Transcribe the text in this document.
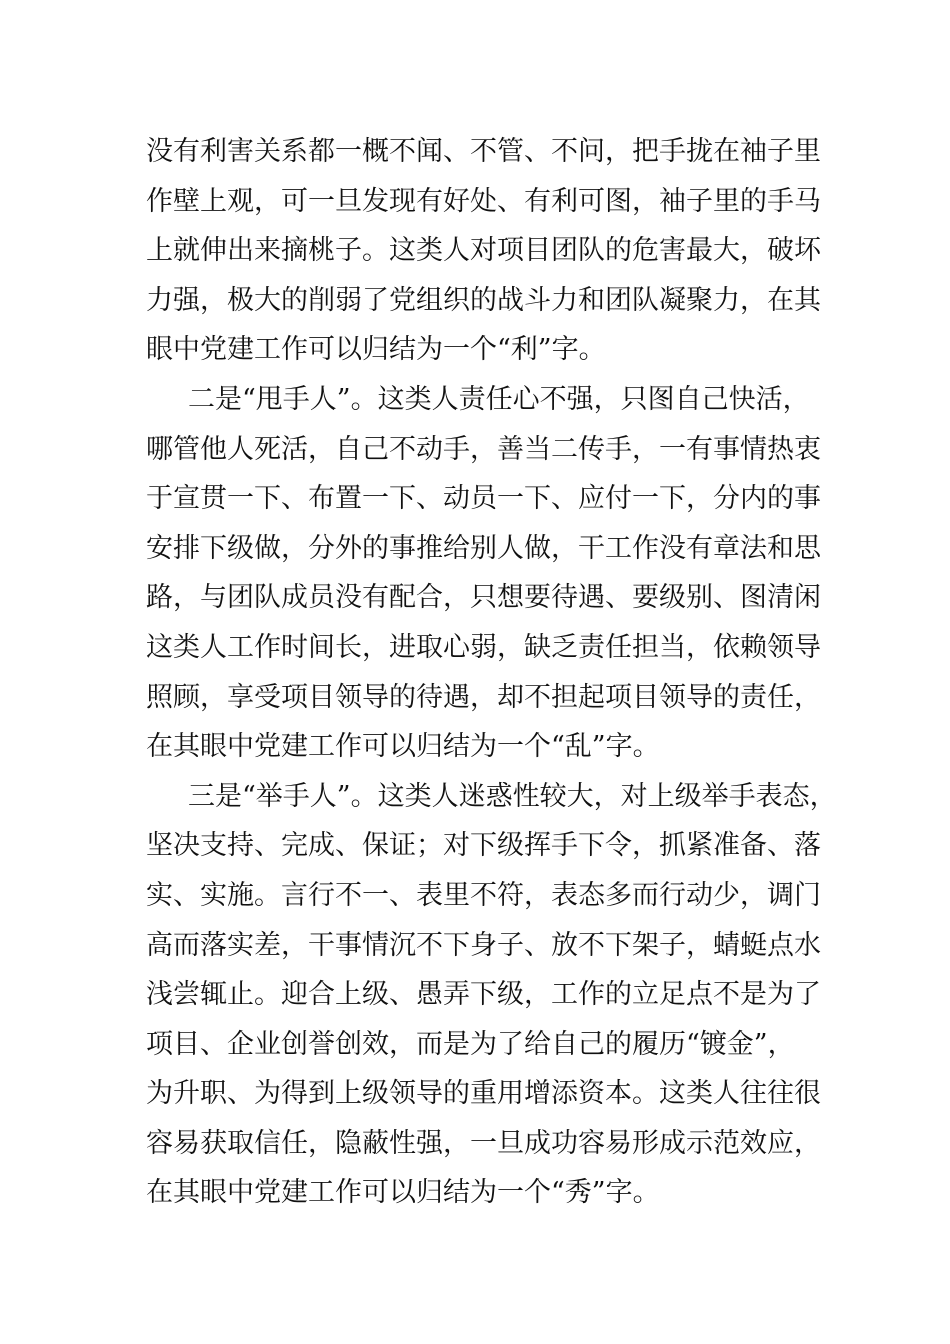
没有利害关系都一概不闻、不管、不问，把手拢在袖子里
作壁上观，可一旦发现有好处、有利可图，袖子里的手马
上就伸出来摘桃子。这类人对项目团队的危害最大，破坏
力强，极大的削弱了党组织的战斗力和团队凝聚力，在其
眼中党建工作可以归结为一个“利”字。
二是“甩手人”。这类人责任心不强，只图自己快活，
哪管他人死活，自己不动手，善当二传手，一有事情热衷
于宣贯一下、布置一下、动员一下、应付一下，分内的事
安排下级做，分外的事推给别人做，干工作没有章法和思
路，与团队成员没有配合，只想要待遇、要级别、图清闲
这类人工作时间长，进取心弱，缺乏责任担当，依赖领导
照顾，享受项目领导的待遇，却不担起项目领导的责任，
在其眼中党建工作可以归结为一个“乱”字。
三是“举手人”。这类人迷惑性较大，对上级举手表态，
坚决支持、完成、保证；对下级挥手下令，抓紧准备、落
实、实施。言行不一、表里不符，表态多而行动少，调门
高而落实差，干事情沉不下身子、放不下架子，蜻蜓点水
浅尝辄止。迎合上级、愚弄下级，工作的立足点不是为了
项目、企业创誉创效，而是为了给自己的履历“镀金”，
为升职、为得到上级领导的重用增添资本。这类人往往很
容易获取信任，隐蔽性强，一旦成功容易形成示范效应，
在其眼中党建工作可以归结为一个“秀”字。
